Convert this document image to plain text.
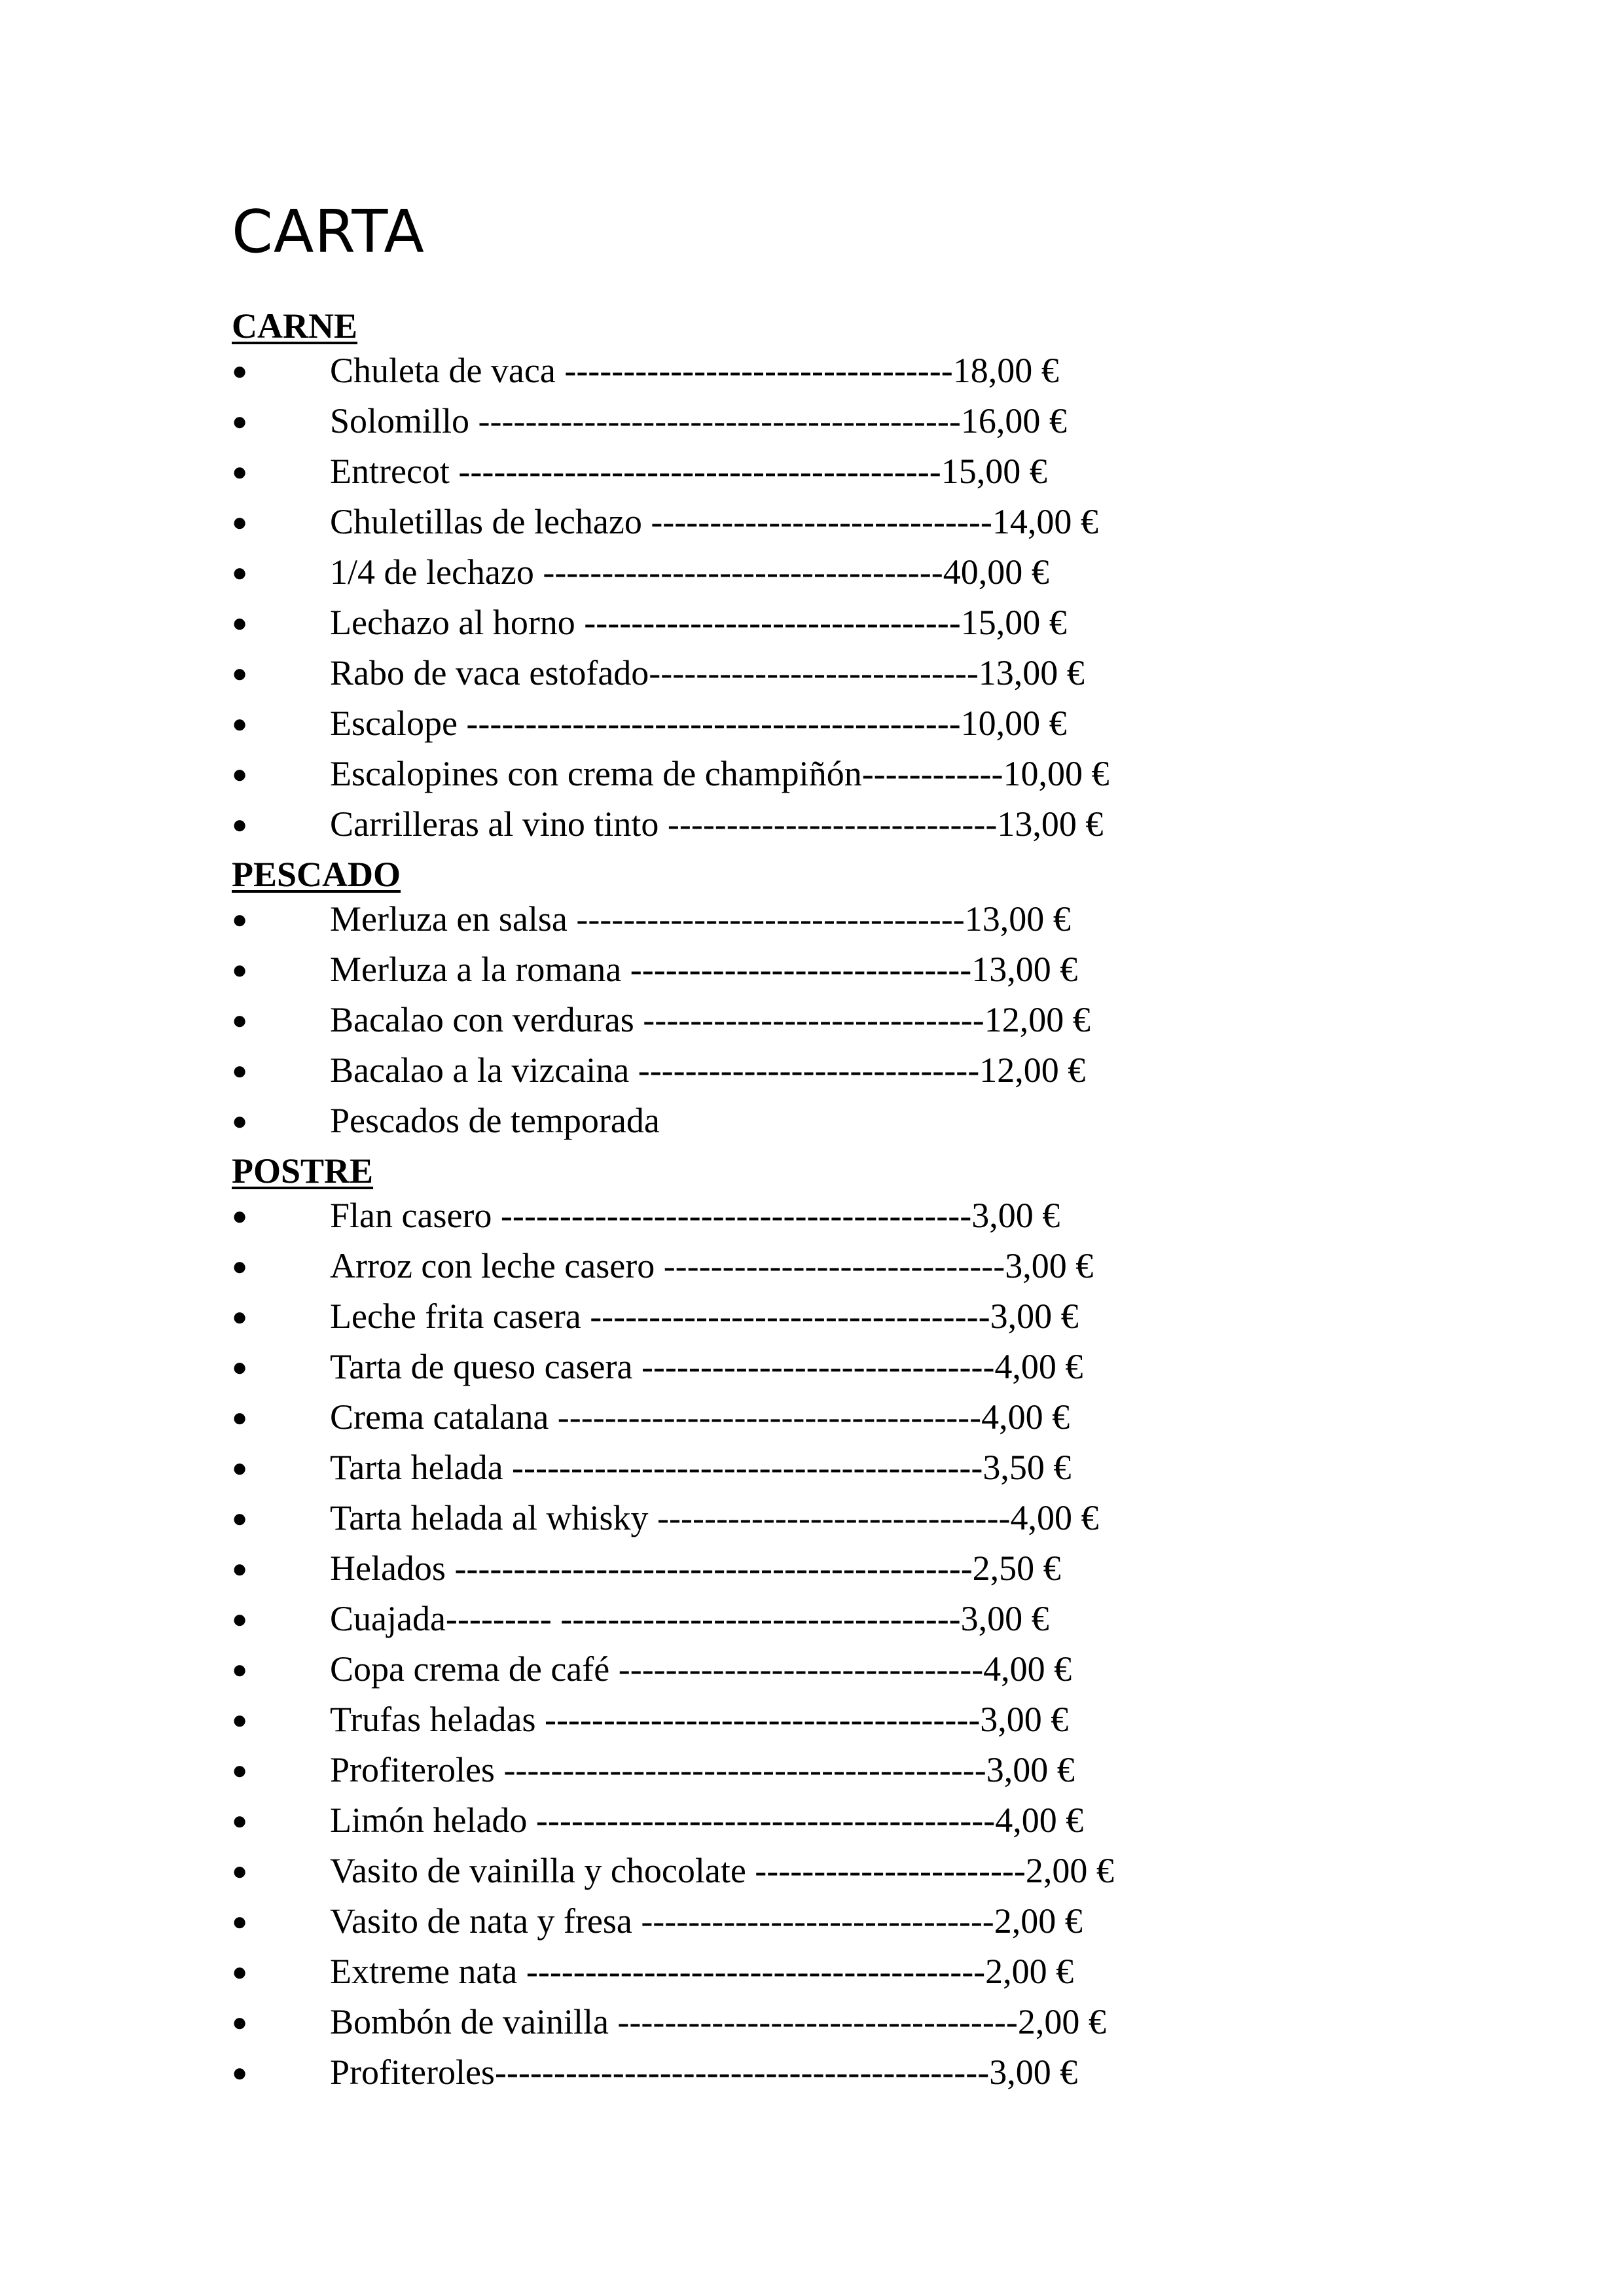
CARTA
CARNE
● Chuleta de vaca ---------------------------------18,00 €
● Solomillo -----------------------------------------16,00 €
● Entrecot -----------------------------------------15,00 €
● Chuletillas de lechazo -----------------------------14,00 €
● 1/4 de lechazo ----------------------------------40,00 €
● Lechazo al horno --------------------------------15,00 €
● Rabo de vaca estofado----------------------------13,00 €
● Escalope ------------------------------------------10,00 €
● Escalopines con crema de champiñón------------10,00 €
● Carrilleras al vino tinto ----------------------------13,00 €
PESCADO
● Merluza en salsa ---------------------------------13,00 €
● Merluza a la romana -----------------------------13,00 €
● Bacalao con verduras -----------------------------12,00 €
● Bacalao a la vizcaina -----------------------------12,00 €
● Pescados de temporada
POSTRE
● Flan casero ----------------------------------------3,00 €
● Arroz con leche casero -----------------------------3,00 €
● Leche frita casera ----------------------------------3,00 €
● Tarta de queso casera ------------------------------4,00 €
● Crema catalana ------------------------------------4,00 €
● Tarta helada ----------------------------------------3,50 €
● Tarta helada al whisky ------------------------------4,00 €
● Helados --------------------------------------------2,50 €
● Cuajada--------- ----------------------------------3,00 €
● Copa crema de café -------------------------------4,00 €
● Trufas heladas -------------------------------------3,00 €
● Profiteroles -----------------------------------------3,00 €
● Limón helado ---------------------------------------4,00 €
● Vasito de vainilla y chocolate -----------------------2,00 €
● Vasito de nata y fresa ------------------------------2,00 €
● Extreme nata ---------------------------------------2,00 €
● Bombón de vainilla ----------------------------------2,00 €
● Profiteroles------------------------------------------3,00 €
